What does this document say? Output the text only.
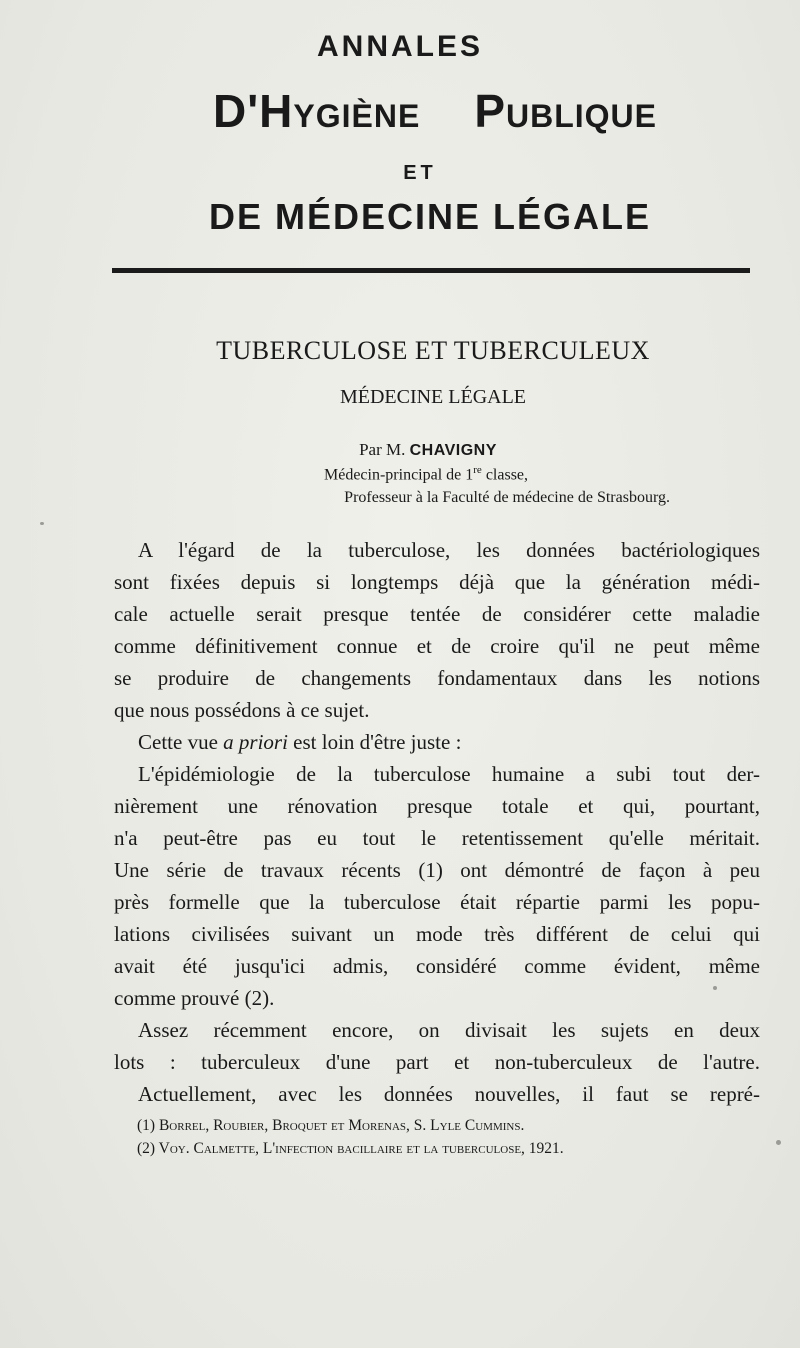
ANNALES
D'Hygiène Publique
ET
DE MÉDECINE LÉGALE
TUBERCULOSE ET TUBERCULEUX
MÉDECINE LÉGALE
Par M. CHAVIGNY
Médecin-principal de 1re classe,
Professeur à la Faculté de médecine de Strasbourg.
A l'égard de la tuberculose, les données bactériologiques
sont fixées depuis si longtemps déjà que la génération médi-
cale actuelle serait presque tentée de considérer cette maladie
comme définitivement connue et de croire qu'il ne peut même
se produire de changements fondamentaux dans les notions
que nous possédons à ce sujet.
Cette vue a priori est loin d'être juste :
L'épidémiologie de la tuberculose humaine a subi tout der-
nièrement une rénovation presque totale et qui, pourtant,
n'a peut-être pas eu tout le retentissement qu'elle méritait.
Une série de travaux récents (1) ont démontré de façon à peu
près formelle que la tuberculose était répartie parmi les popu-
lations civilisées suivant un mode très différent de celui qui
avait été jusqu'ici admis, considéré comme évident, même
comme prouvé (2).
Assez récemment encore, on divisait les sujets en deux
lots : tuberculeux d'une part et non-tuberculeux de l'autre.
Actuellement, avec les données nouvelles, il faut se repré-
(1) Borrel, Roubier, Broquet et Morenas, S. Lyle Cummins.
(2) Voy. Calmette, L'infection bacillaire et la tuberculose, 1921.
